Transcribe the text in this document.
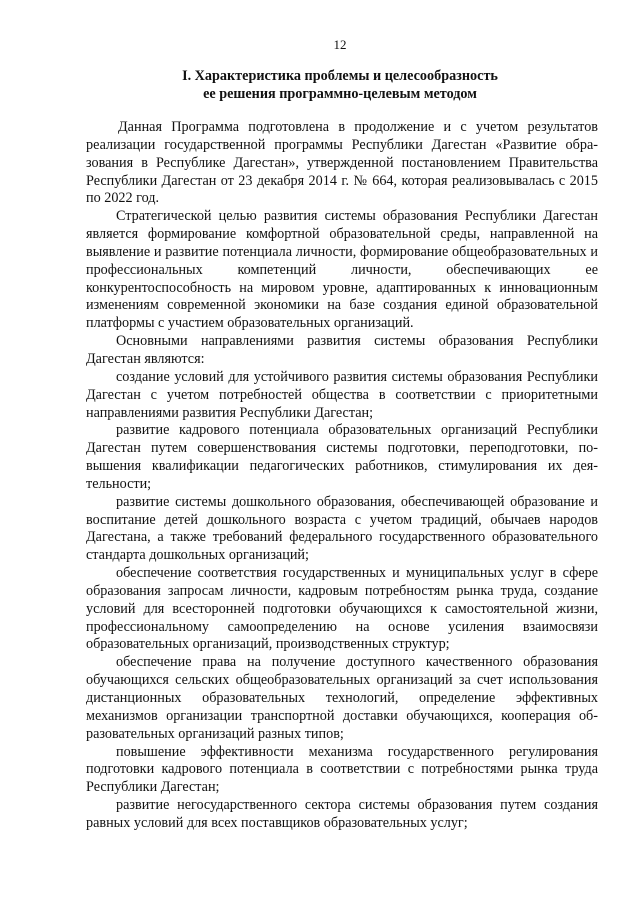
12
I. Характеристика проблемы и целесообразность
ее решения программно-целевым методом

Данная Программа подготовлена в продолжение и с учетом результатов реализации государственной программы Республики Дагестан «Развитие образования в Республике Дагестан», утвержденной постановлением Правительства Республики Дагестан от 23 декабря 2014 г. № 664, которая реализовывалась с 2015 по 2022 год.

Стратегической целью развития системы образования Республики Дагестан является формирование комфортной образовательной среды, направленной на выявление и развитие потенциала личности, формирование общеобразовательных и профессиональных компетенций личности, обеспечивающих ее конкурентоспособность на мировом уровне, адаптированных к инновационным изменениям современной экономики на базе создания единой образовательной платформы с участием образовательных организаций.

Основными направлениями развития системы образования Республики Дагестан являются:

создание условий для устойчивого развития системы образования Республики Дагестан с учетом потребностей общества в соответствии с приоритетными направлениями развития Республики Дагестан;

развитие кадрового потенциала образовательных организаций Республики Дагестан путем совершенствования системы подготовки, переподготовки, повышения квалификации педагогических работников, стимулирования их деятельности;

развитие системы дошкольного образования, обеспечивающей образование и воспитание детей дошкольного возраста с учетом традиций, обычаев народов Дагестана, а также требований федерального государственного образовательного стандарта дошкольных организаций;

обеспечение соответствия государственных и муниципальных услуг в сфере образования запросам личности, кадровым потребностям рынка труда, создание условий для всесторонней подготовки обучающихся к самостоятельной жизни, профессиональному самоопределению на основе усиления взаимосвязи образовательных организаций, производственных структур;

обеспечение права на получение доступного качественного образования обучающихся сельских общеобразовательных организаций за счет использования дистанционных образовательных технологий, определение эффективных механизмов организации транспортной доставки обучающихся, кооперация образовательных организаций разных типов;

повышение эффективности механизма государственного регулирования подготовки кадрового потенциала в соответствии с потребностями рынка труда Республики Дагестан;

развитие негосударственного сектора системы образования путем создания равных условий для всех поставщиков образовательных услуг;
